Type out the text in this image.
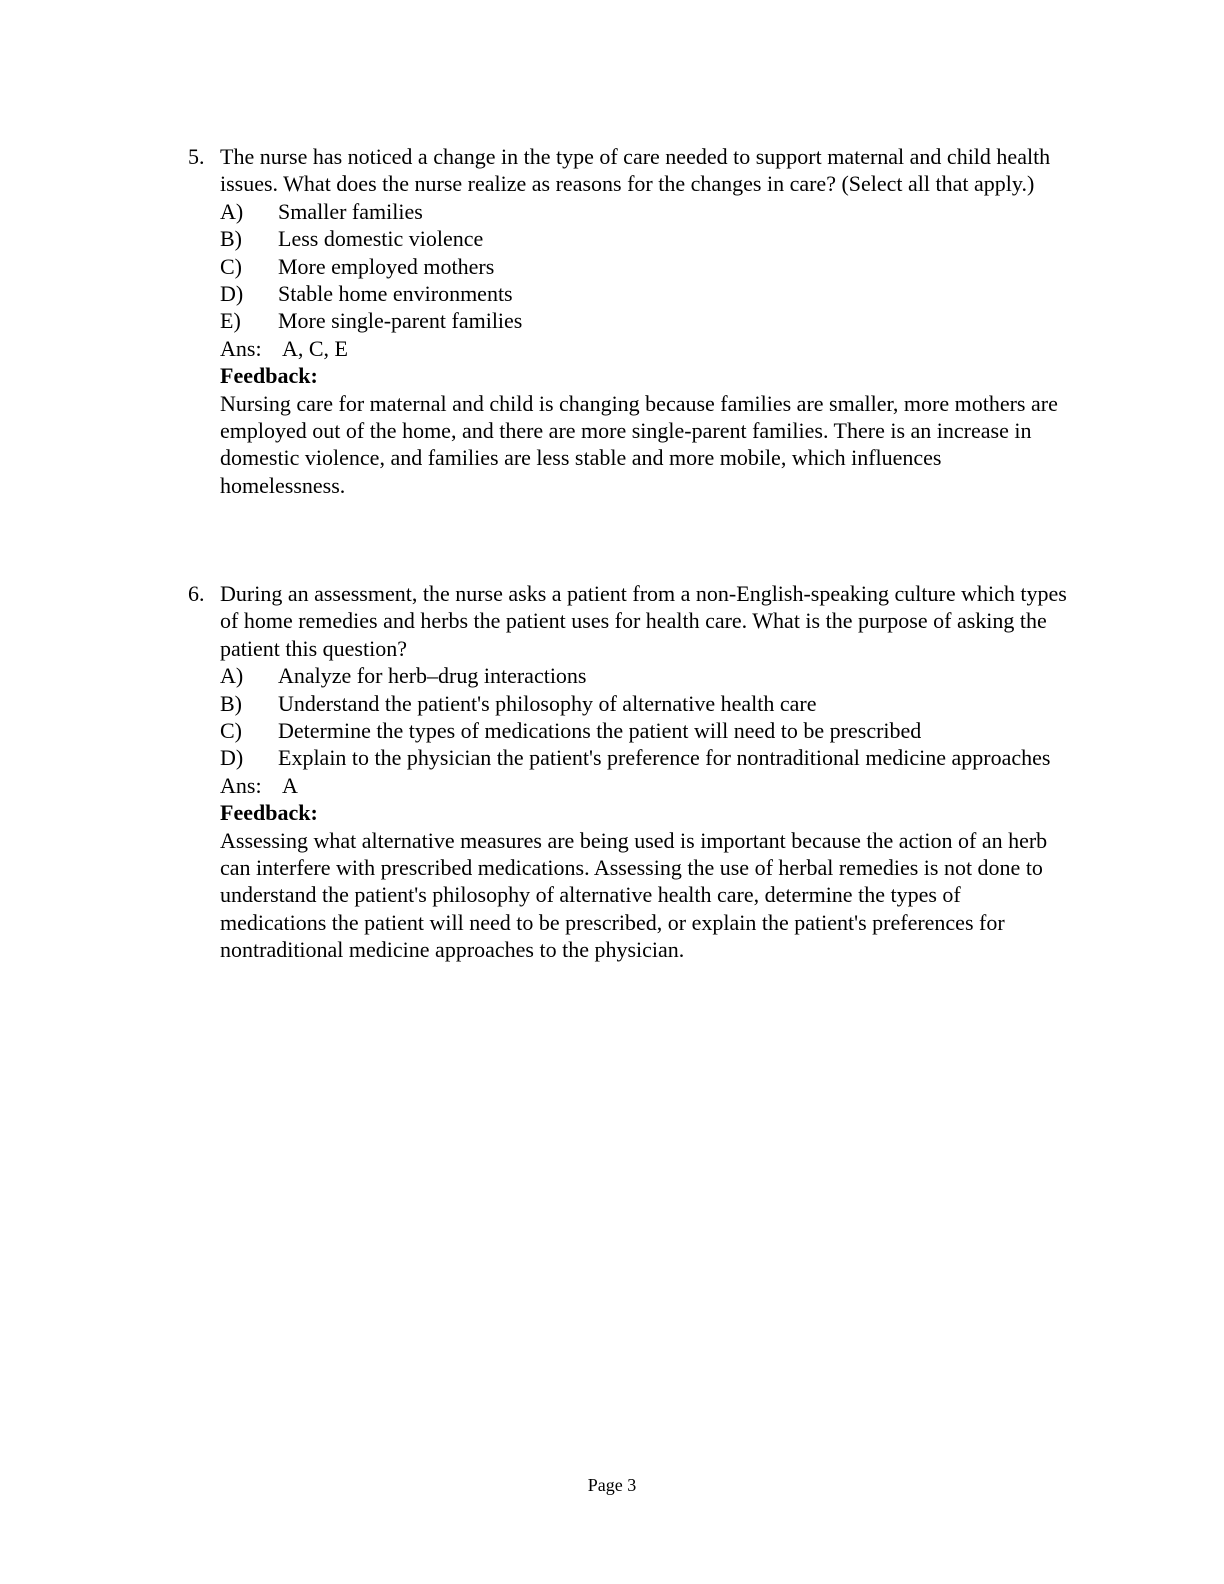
5. The nurse has noticed a change in the type of care needed to support maternal and child health issues. What does the nurse realize as reasons for the changes in care? (Select all that apply.)
A) Smaller families
B) Less domestic violence
C) More employed mothers
D) Stable home environments
E) More single-parent families
Ans: A, C, E
Feedback:
Nursing care for maternal and child is changing because families are smaller, more mothers are employed out of the home, and there are more single-parent families. There is an increase in domestic violence, and families are less stable and more mobile, which influences homelessness.
6. During an assessment, the nurse asks a patient from a non-English-speaking culture which types of home remedies and herbs the patient uses for health care. What is the purpose of asking the patient this question?
A) Analyze for herb–drug interactions
B) Understand the patient's philosophy of alternative health care
C) Determine the types of medications the patient will need to be prescribed
D) Explain to the physician the patient's preference for nontraditional medicine approaches
Ans: A
Feedback:
Assessing what alternative measures are being used is important because the action of an herb can interfere with prescribed medications. Assessing the use of herbal remedies is not done to understand the patient's philosophy of alternative health care, determine the types of medications the patient will need to be prescribed, or explain the patient's preferences for nontraditional medicine approaches to the physician.
Page 3
